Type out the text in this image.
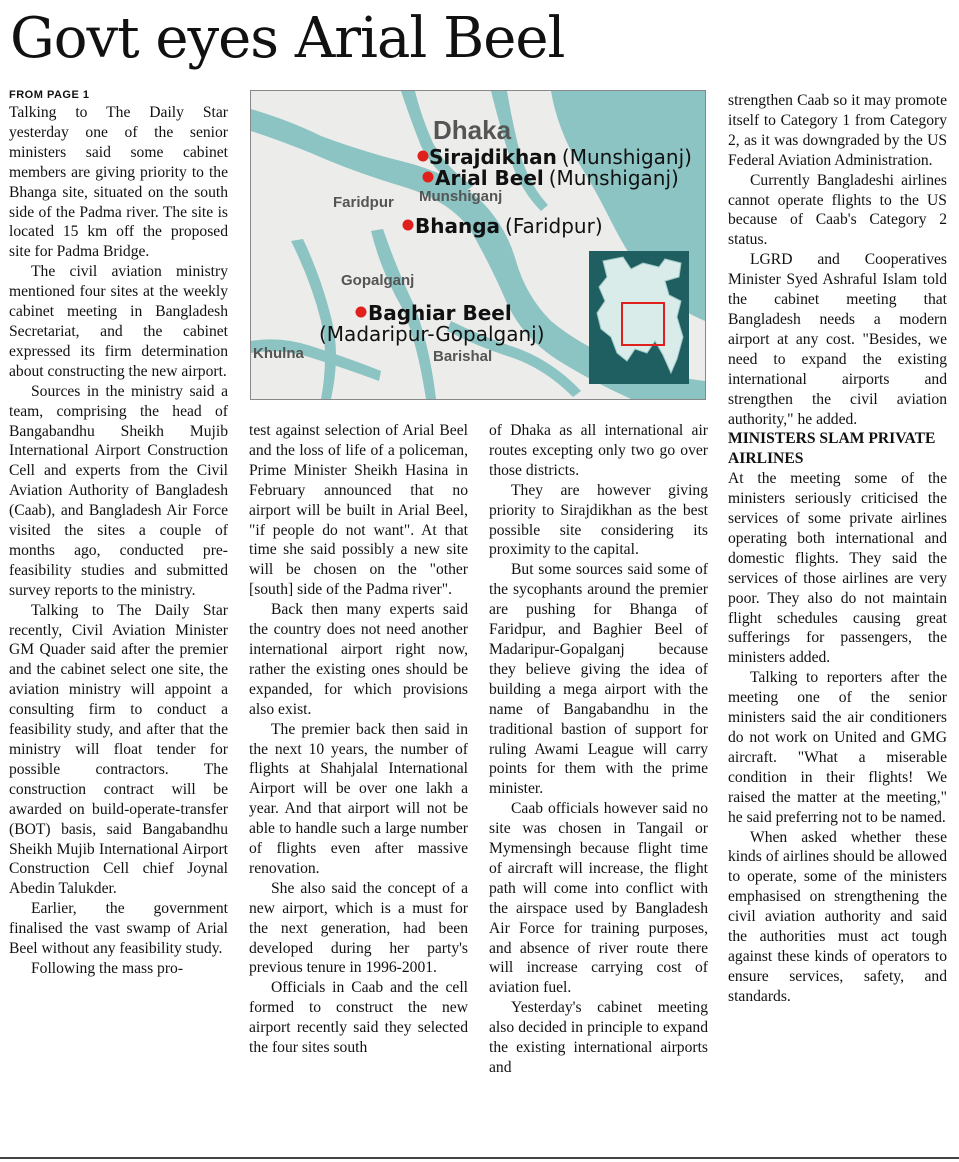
Govt eyes Arial Beel
FROM PAGE 1

Talking to The Daily Star yesterday one of the senior ministers said some cabinet members are giving priority to the Bhanga site, situated on the south side of the Padma river. The site is located 15 km off the proposed site for Padma Bridge.

The civil aviation ministry mentioned four sites at the weekly cabinet meeting in Bangladesh Secretariat, and the cabinet expressed its firm determination about constructing the new airport.

Sources in the ministry said a team, comprising the head of Bangabandhu Sheikh Mujib International Airport Construction Cell and experts from the Civil Aviation Authority of Bangladesh (Caab), and Bangladesh Air Force visited the sites a couple of months ago, conducted pre-feasibility studies and submitted survey reports to the ministry.

Talking to The Daily Star recently, Civil Aviation Minister GM Quader said after the premier and the cabinet select one site, the aviation ministry will appoint a consulting firm to conduct a feasibility study, and after that the ministry will float tender for possible contractors. The construction contract will be awarded on build-operate-transfer (BOT) basis, said Bangabandhu Sheikh Mujib International Airport Construction Cell chief Joynal Abedin Talukder.

Earlier, the government finalised the vast swamp of Arial Beel without any feasibility study.

Following the mass pro-

Dhaka
Munshiganj
Faridpur
Gopalganj
Khulna	Barishal
Sirajdikhan (Munshiganj)
Arial Beel (Munshiganj)
Bhanga (Faridpur)
Baghiar Beel
(Madaripur-Gopalganj)

test against selection of Arial Beel and the loss of life of a policeman, Prime Minister Sheikh Hasina in February announced that no airport will be built in Arial Beel, "if people do not want". At that time she said possibly a new site will be chosen on the "other [south] side of the Padma river".

Back then many experts said the country does not need another international airport right now, rather the existing ones should be expanded, for which provisions also exist.

The premier back then said in the next 10 years, the number of flights at Shahjalal International Airport will be over one lakh a year. And that airport will not be able to handle such a large number of flights even after massive renovation.

She also said the concept of a new airport, which is a must for the next generation, had been developed during her party's previous tenure in 1996-2001.

Officials in Caab and the cell formed to construct the new airport recently said they selected the four sites south

of Dhaka as all international air routes excepting only two go over those districts.

They are however giving priority to Sirajdikhan as the best possible site considering its proximity to the capital.

But some sources said some of the sycophants around the premier are pushing for Bhanga of Faridpur, and Baghier Beel of Madaripur-Gopalganj because they believe giving the idea of building a mega airport with the name of Bangabandhu in the traditional bastion of support for ruling Awami League will carry points for them with the prime minister.

Caab officials however said no site was chosen in Tangail or Mymensingh because flight time of aircraft will increase, the flight path will come into conflict with the airspace used by Bangladesh Air Force for training purposes, and absence of river route there will increase carrying cost of aviation fuel.

Yesterday's cabinet meeting also decided in principle to expand the existing international airports and

strengthen Caab so it may promote itself to Category 1 from Category 2, as it was downgraded by the US Federal Aviation Administration.

Currently Bangladeshi airlines cannot operate flights to the US because of Caab's Category 2 status.

LGRD and Cooperatives Minister Syed Ashraful Islam told the cabinet meeting that Bangladesh needs a modern airport at any cost. "Besides, we need to expand the existing international airports and strengthen the civil aviation authority," he added.

MINISTERS SLAM PRIVATE AIRLINES

At the meeting some of the ministers seriously criticised the services of some private airlines operating both international and domestic flights. They said the services of those airlines are very poor. They also do not maintain flight schedules causing great sufferings for passengers, the ministers added.

Talking to reporters after the meeting one of the senior ministers said the air conditioners do not work on United and GMG aircraft. "What a miserable condition in their flights! We raised the matter at the meeting," he said preferring not to be named.

When asked whether these kinds of airlines should be allowed to operate, some of the ministers emphasised on strengthening the civil aviation authority and said the authorities must act tough against these kinds of operators to ensure services, safety, and standards.
